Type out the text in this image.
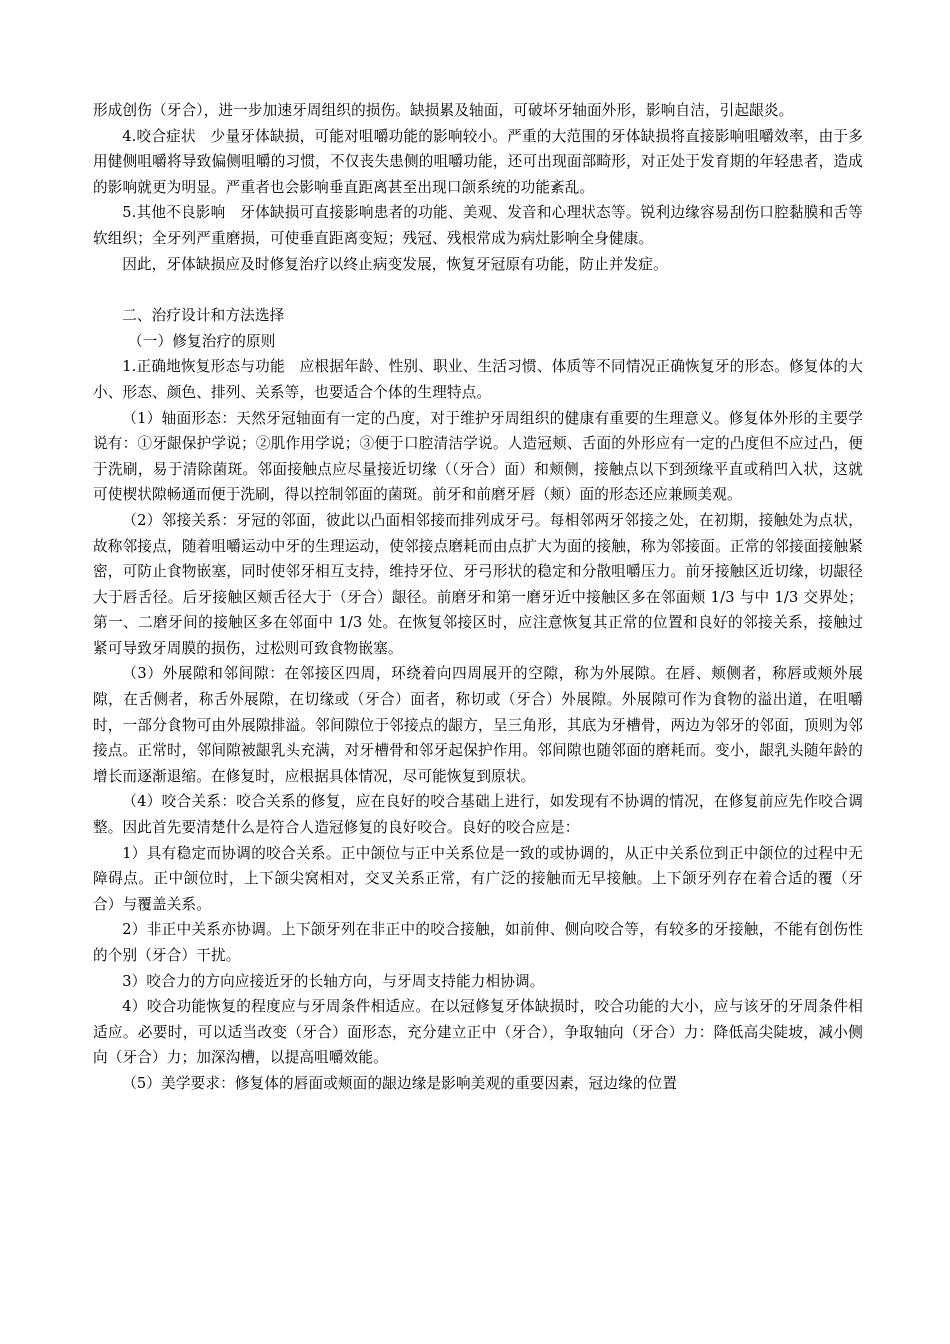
形成创伤（牙合），进一步加速牙周组织的损伤。缺损累及轴面，可破坏牙轴面外形，影响自洁，引起龈炎。

4.咬合症状　少量牙体缺损，可能对咀嚼功能的影响较小。严重的大范围的牙体缺损将直接影响咀嚼效率，由于多用健侧咀嚼将导致偏侧咀嚼的习惯，不仅丧失患侧的咀嚼功能，还可出现面部畸形，对正处于发育期的年轻患者，造成的影响就更为明显。严重者也会影响垂直距离甚至出现口颌系统的功能紊乱。

5.其他不良影响　牙体缺损可直接影响患者的功能、美观、发音和心理状态等。锐利边缘容易刮伤口腔黏膜和舌等软组织；全牙列严重磨损，可使垂直距离变短；残冠、残根常成为病灶影响全身健康。

因此，牙体缺损应及时修复治疗以终止病变发展，恢复牙冠原有功能，防止并发症。

二、治疗设计和方法选择

（一）修复治疗的原则

1.正确地恢复形态与功能　应根据年龄、性别、职业、生活习惯、体质等不同情况正确恢复牙的形态。修复体的大小、形态、颜色、排列、关系等，也要适合个体的生理特点。

（1）轴面形态：天然牙冠轴面有一定的凸度，对于维护牙周组织的健康有重要的生理意义。修复体外形的主要学说有：①牙龈保护学说；②肌作用学说；③便于口腔清洁学说。人造冠颊、舌面的外形应有一定的凸度但不应过凸，便于洗刷，易于清除菌斑。邻面接触点应尽量接近切缘（（牙合）面）和颊侧，接触点以下到颈缘平直或稍凹入状，这就可使楔状隙畅通而便于洗刷，得以控制邻面的菌斑。前牙和前磨牙唇（颊）面的形态还应兼顾美观。

（2）邻接关系：牙冠的邻面，彼此以凸面相邻接而排列成牙弓。每相邻两牙邻接之处，在初期，接触处为点状，故称邻接点，随着咀嚼运动中牙的生理运动，使邻接点磨耗而由点扩大为面的接触，称为邻接面。正常的邻接面接触紧密，可防止食物嵌塞，同时使邻牙相互支持，维持牙位、牙弓形状的稳定和分散咀嚼压力。前牙接触区近切缘，切龈径大于唇舌径。后牙接触区颊舌径大于（牙合）龈径。前磨牙和第一磨牙近中接触区多在邻面颊 1/3 与中 1/3 交界处；第一、二磨牙间的接触区多在邻面中 1/3 处。在恢复邻接区时，应注意恢复其正常的位置和良好的邻接关系，接触过紧可导致牙周膜的损伤，过松则可致食物嵌塞。

（3）外展隙和邻间隙：在邻接区四周，环绕着向四周展开的空隙，称为外展隙。在唇、颊侧者，称唇或颊外展隙，在舌侧者，称舌外展隙，在切缘或（牙合）面者，称切或（牙合）外展隙。外展隙可作为食物的溢出道，在咀嚼时，一部分食物可由外展隙排溢。邻间隙位于邻接点的龈方，呈三角形，其底为牙槽骨，两边为邻牙的邻面，顶则为邻接点。正常时，邻间隙被龈乳头充满，对牙槽骨和邻牙起保护作用。邻间隙也随邻面的磨耗而。变小，龈乳头随年龄的增长而逐渐退缩。在修复时，应根据具体情况，尽可能恢复到原状。

（4）咬合关系：咬合关系的修复，应在良好的咬合基础上进行，如发现有不协调的情况，在修复前应先作咬合调整。因此首先要清楚什么是符合人造冠修复的良好咬合。良好的咬合应是：

1）具有稳定而协调的咬合关系。正中颌位与正中关系位是一致的或协调的，从正中关系位到正中颌位的过程中无障碍点。正中颌位时，上下颌尖窝相对，交叉关系正常，有广泛的接触而无早接触。上下颌牙列存在着合适的覆（牙合）与覆盖关系。

2）非正中关系亦协调。上下颌牙列在非正中的咬合接触，如前伸、侧向咬合等，有较多的牙接触，不能有创伤性的个别（牙合）干扰。

3）咬合力的方向应接近牙的长轴方向，与牙周支持能力相协调。

4）咬合功能恢复的程度应与牙周条件相适应。在以冠修复牙体缺损时，咬合功能的大小，应与该牙的牙周条件相适应。必要时，可以适当改变（牙合）面形态，充分建立正中（牙合），争取轴向（牙合）力：降低高尖陡坡，减小侧向（牙合）力；加深沟槽，以提高咀嚼效能。

（5）美学要求：修复体的唇面或颊面的龈边缘是影响美观的重要因素，冠边缘的位置
